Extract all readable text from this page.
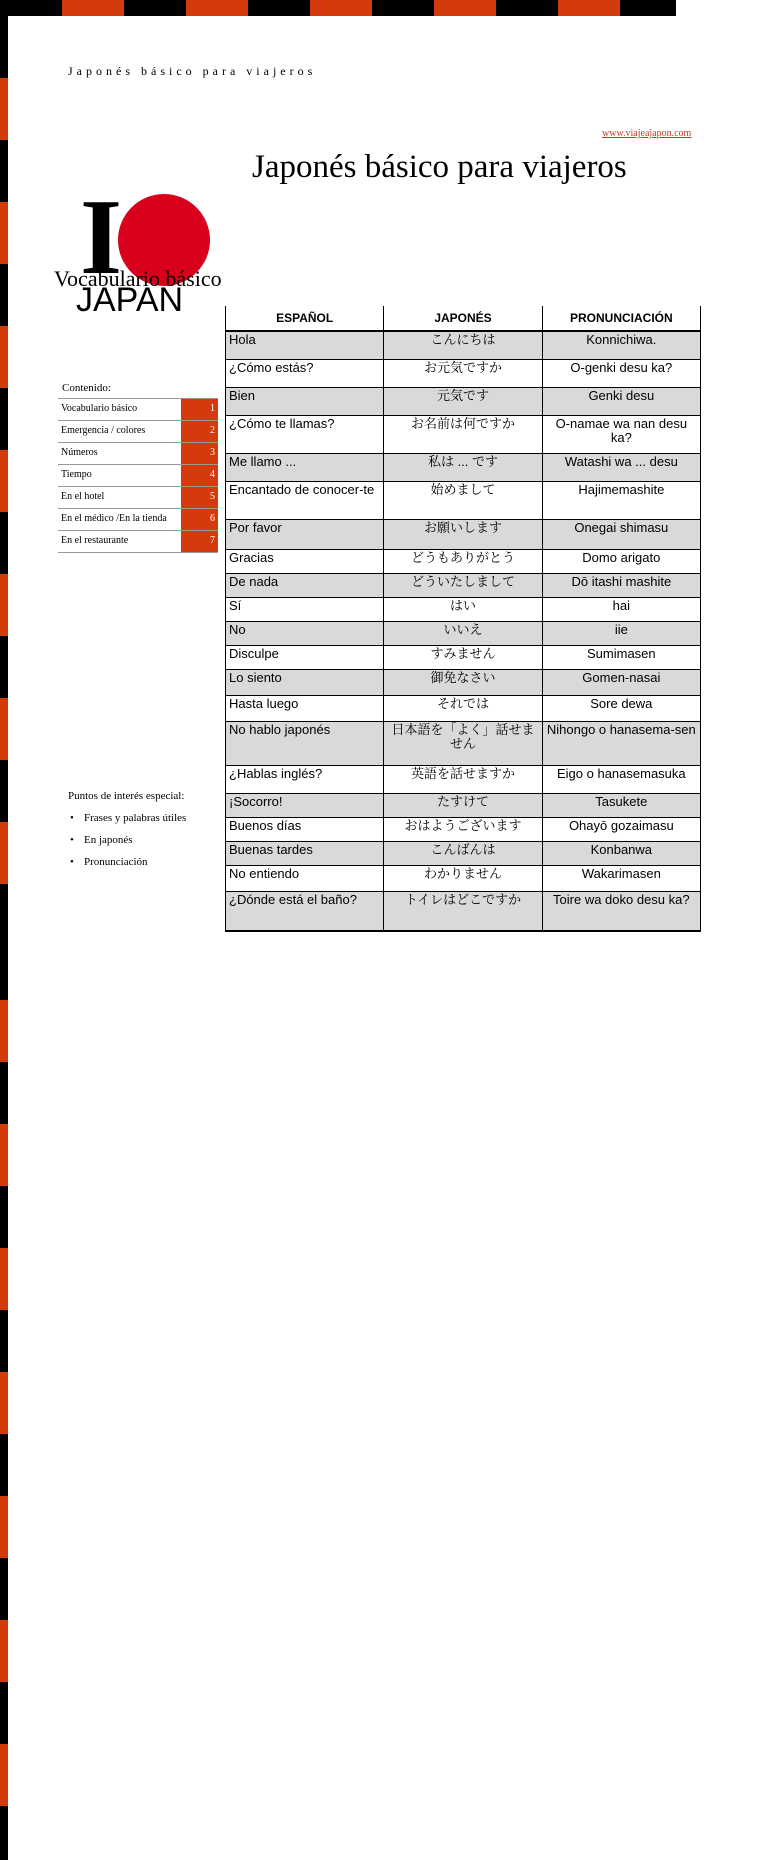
Japonés básico para viajeros
www.viajeajapon.com
Japonés básico para viajeros
I
JAPAN
Vocabulario básico
Contenido:
Vocabulario básico	1
Emergencia / colores	2
Números	3
Tiempo	4
En el hotel	5
En el médico /En la tienda	6
En el restaurante	7
Puntos de interés especial:
• Frases y palabras útiles
• En japonés
• Pronunciación
ESPAÑOL	JAPONÉS	PRONUNCIACIÓN
Hola	こんにちは	Konnichiwa.
¿Cómo estás?	お元気ですか	O-genki desu ka?
Bien	元気です	Genki desu
¿Cómo te llamas?	お名前は何ですか	O-namae wa nan desu ka?
Me llamo ...	私は ... です	Watashi wa ... desu
Encantado de conocer-te	始めまして	Hajimemashite
Por favor	お願いします	Onegai shimasu
Gracias	どうもありがとう	Domo arigato
De nada	どういたしまして	Dō itashi mashite
Sí	はい	hai
No	いいえ	iie
Disculpe	すみません	Sumimasen
Lo siento	御免なさい	Gomen-nasai
Hasta luego	それでは	Sore dewa
No hablo japonés	日本語を「よく」話せません	Nihongo o hanasema-sen
¿Hablas inglés?	英語を話せますか	Eigo o hanasemasuka
¡Socorro!	たすけて	Tasukete
Buenos días	おはようございます	Ohayō gozaimasu
Buenas tardes	こんばんは	Konbanwa
No entiendo	わかりません	Wakarimasen
¿Dónde está el baño?	トイレはどこですか	Toire wa doko desu ka?
